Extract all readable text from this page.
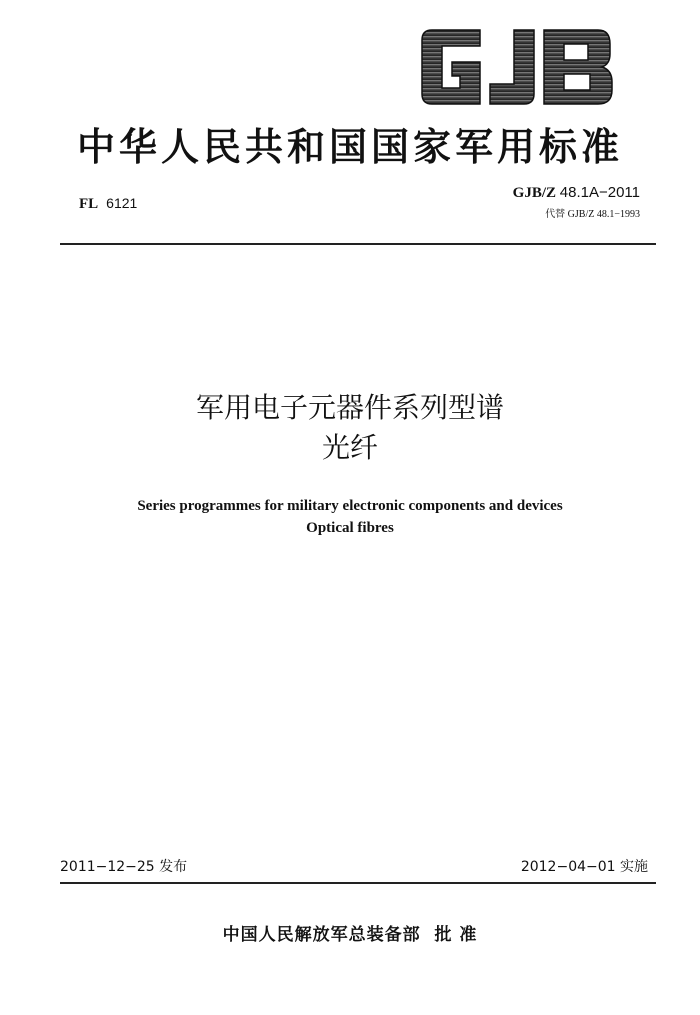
中华人民共和国国家军用标准
FL 6121
GJB/Z 48.1A−2011
代替 GJB/Z 48.1−1993
军用电子元器件系列型谱
光纤
Series programmes for military electronic components and devices
Optical fibres
2011−12−25 发布	2012−04−01 实施
中国人民解放军总装备部  批 准
